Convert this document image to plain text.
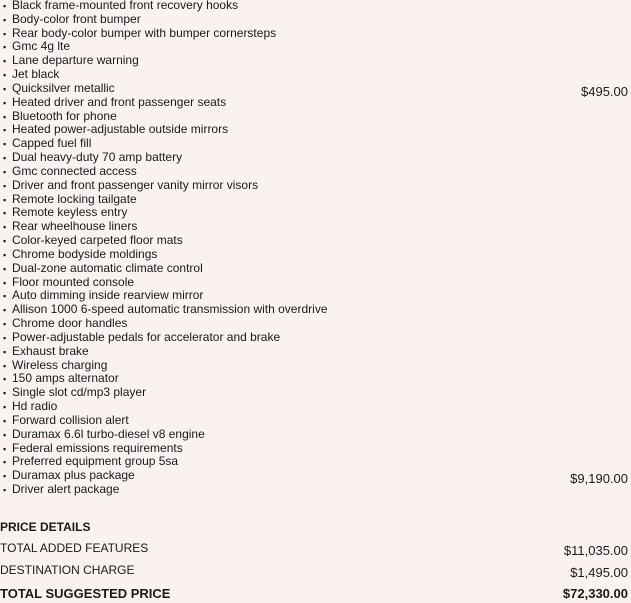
▪ Black frame-mounted front recovery hooks
▪ Body-color front bumper
▪ Rear body-color bumper with bumper cornersteps
▪ Gmc 4g lte
▪ Lane departure warning
▪ Jet black
▪ Quicksilver metallic	$495.00
▪ Heated driver and front passenger seats
▪ Bluetooth for phone
▪ Heated power-adjustable outside mirrors
▪ Capped fuel fill
▪ Dual heavy-duty 70 amp battery
▪ Gmc connected access
▪ Driver and front passenger vanity mirror visors
▪ Remote locking tailgate
▪ Remote keyless entry
▪ Rear wheelhouse liners
▪ Color-keyed carpeted floor mats
▪ Chrome bodyside moldings
▪ Dual-zone automatic climate control
▪ Floor mounted console
▪ Auto dimming inside rearview mirror
▪ Allison 1000 6-speed automatic transmission with overdrive
▪ Chrome door handles
▪ Power-adjustable pedals for accelerator and brake
▪ Exhaust brake
▪ Wireless charging
▪ 150 amps alternator
▪ Single slot cd/mp3 player
▪ Hd radio
▪ Forward collision alert
▪ Duramax 6.6l turbo-diesel v8 engine
▪ Federal emissions requirements
▪ Preferred equipment group 5sa
▪ Duramax plus package	$9,190.00
▪ Driver alert package
PRICE DETAILS
TOTAL ADDED FEATURES	$11,035.00
DESTINATION CHARGE	$1,495.00
TOTAL SUGGESTED PRICE	$72,330.00
